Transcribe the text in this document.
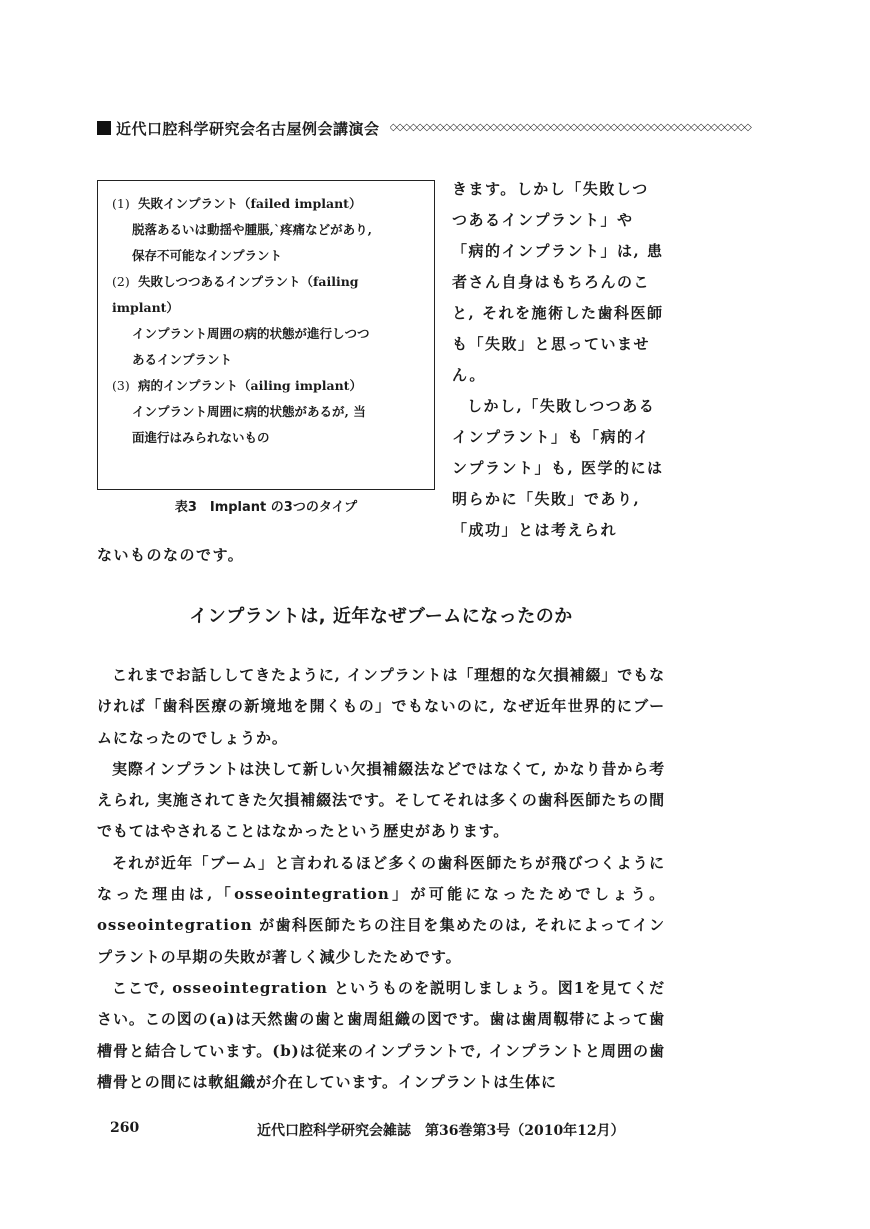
近代口腔科学研究会名古屋例会講演会 ◇◇◇◇◇◇◇◇◇◇◇◇◇◇◇◇◇◇◇◇◇◇◇◇◇◇◇◇◇◇◇◇◇◇◇◇◇◇◇◇◇◇◇◇◇◇◇◇◇◇◇◇◇◇
(1) 失敗インプラント（failed implant）
脱落あるいは動揺や腫脹,`疼痛などがあり,
保存不可能なインプラント
(2) 失敗しつつあるインプラント（failing implant）
インプラント周囲の病的状態が進行しつつ
あるインプラント
(3) 病的インプラント（ailing implant）
インプラント周囲に病的状態があるが, 当
面進行はみられないもの
表3　Implant の3つのタイプ

きます。しかし「失敗しつつあるインプラント」や「病的インプラント」は, 患者さん自身はもちろんのこと, それを施術した歯科医師も「失敗」と思っていません。

しかし,「失敗しつつあるインプラント」も「病的インプラント」も, 医学的には明らかに「失敗」であり,「成功」とは考えられ

ないものなのです。
インプラントは, 近年なぜブームになったのか

これまでお話ししてきたように, インプラントは「理想的な欠損補綴」でもなければ「歯科医療の新境地を開くもの」でもないのに, なぜ近年世界的にブームになったのでしょうか。

実際インプラントは決して新しい欠損補綴法などではなくて, かなり昔から考えられ, 実施されてきた欠損補綴法です。そしてそれは多くの歯科医師たちの間でもてはやされることはなかったという歴史があります。

それが近年「ブーム」と言われるほど多くの歯科医師たちが飛びつくようになった理由は,「osseointegration」が可能になったためでしょう。osseointegration が歯科医師たちの注目を集めたのは, それによってインプラントの早期の失敗が著しく減少したためです。

ここで, osseointegration というものを説明しましょう。図1を見てください。この図の(a)は天然歯の歯と歯周組織の図です。歯は歯周靱帯によって歯槽骨と結合しています。(b)は従来のインプラントで, インプラントと周囲の歯槽骨との間には軟組織が介在しています。インプラントは生体に

260	近代口腔科学研究会雑誌　第36巻第3号（2010年12月）
